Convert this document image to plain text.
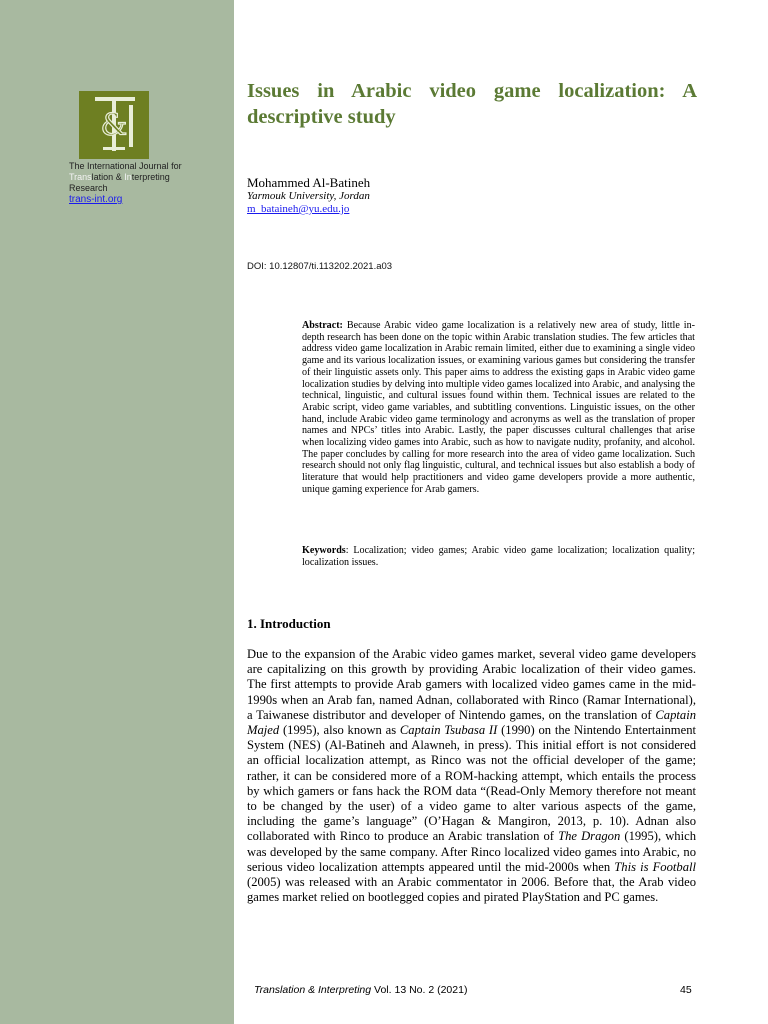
&
The International Journal for
Translation & Interpreting
Research
trans-int.org
Issues in Arabic video game localization: A descriptive study
Mohammed Al-Batineh
Yarmouk University, Jordan
m_bataineh@yu.edu.jo
DOI: 10.12807/ti.113202.2021.a03

Abstract: Because Arabic video game localization is a relatively new area of study, little in-depth research has been done on the topic within Arabic translation studies. The few articles that address video game localization in Arabic remain limited, either due to examining a single video game and its various localization issues, or examining various games but considering the transfer of their linguistic assets only. This paper aims to address the existing gaps in Arabic video game localization studies by delving into multiple video games localized into Arabic, and analysing the technical, linguistic, and cultural issues found within them. Technical issues are related to the Arabic script, video game variables, and subtitling conventions. Linguistic issues, on the other hand, include Arabic video game terminology and acronyms as well as the translation of proper names and NPCs’ titles into Arabic. Lastly, the paper discusses cultural challenges that arise when localizing video games into Arabic, such as how to navigate nudity, profanity, and alcohol. The paper concludes by calling for more research into the area of video game localization. Such research should not only flag linguistic, cultural, and technical issues but also establish a body of literature that would help practitioners and video game developers provide a more authentic, unique gaming experience for Arab gamers.

Keywords: Localization; video games; Arabic video game localization; localization quality; localization issues.

1. Introduction

Due to the expansion of the Arabic video games market, several video game developers are capitalizing on this growth by providing Arabic localization of their video games. The first attempts to provide Arab gamers with localized video games came in the mid-1990s when an Arab fan, named Adnan, collaborated with Rinco (Ramar International), a Taiwanese distributor and developer of Nintendo games, on the translation of Captain Majed (1995), also known as Captain Tsubasa II (1990) on the Nintendo Entertainment System (NES) (Al-Batineh and Alawneh, in press). This initial effort is not considered an official localization attempt, as Rinco was not the official developer of the game; rather, it can be considered more of a ROM-hacking attempt, which entails the process by which gamers or fans hack the ROM data “(Read-Only Memory therefore not meant to be changed by the user) of a video game to alter various aspects of the game, including the game’s language” (O’Hagan & Mangiron, 2013, p. 10). Adnan also collaborated with Rinco to produce an Arabic translation of The Dragon (1995), which was developed by the same company. After Rinco localized video games into Arabic, no serious video localization attempts appeared until the mid-2000s when This is Football (2005) was released with an Arabic commentator in 2006. Before that, the Arab video games market relied on bootlegged copies and pirated PlayStation and PC games.

Translation & Interpreting Vol. 13 No. 2 (2021)	45
